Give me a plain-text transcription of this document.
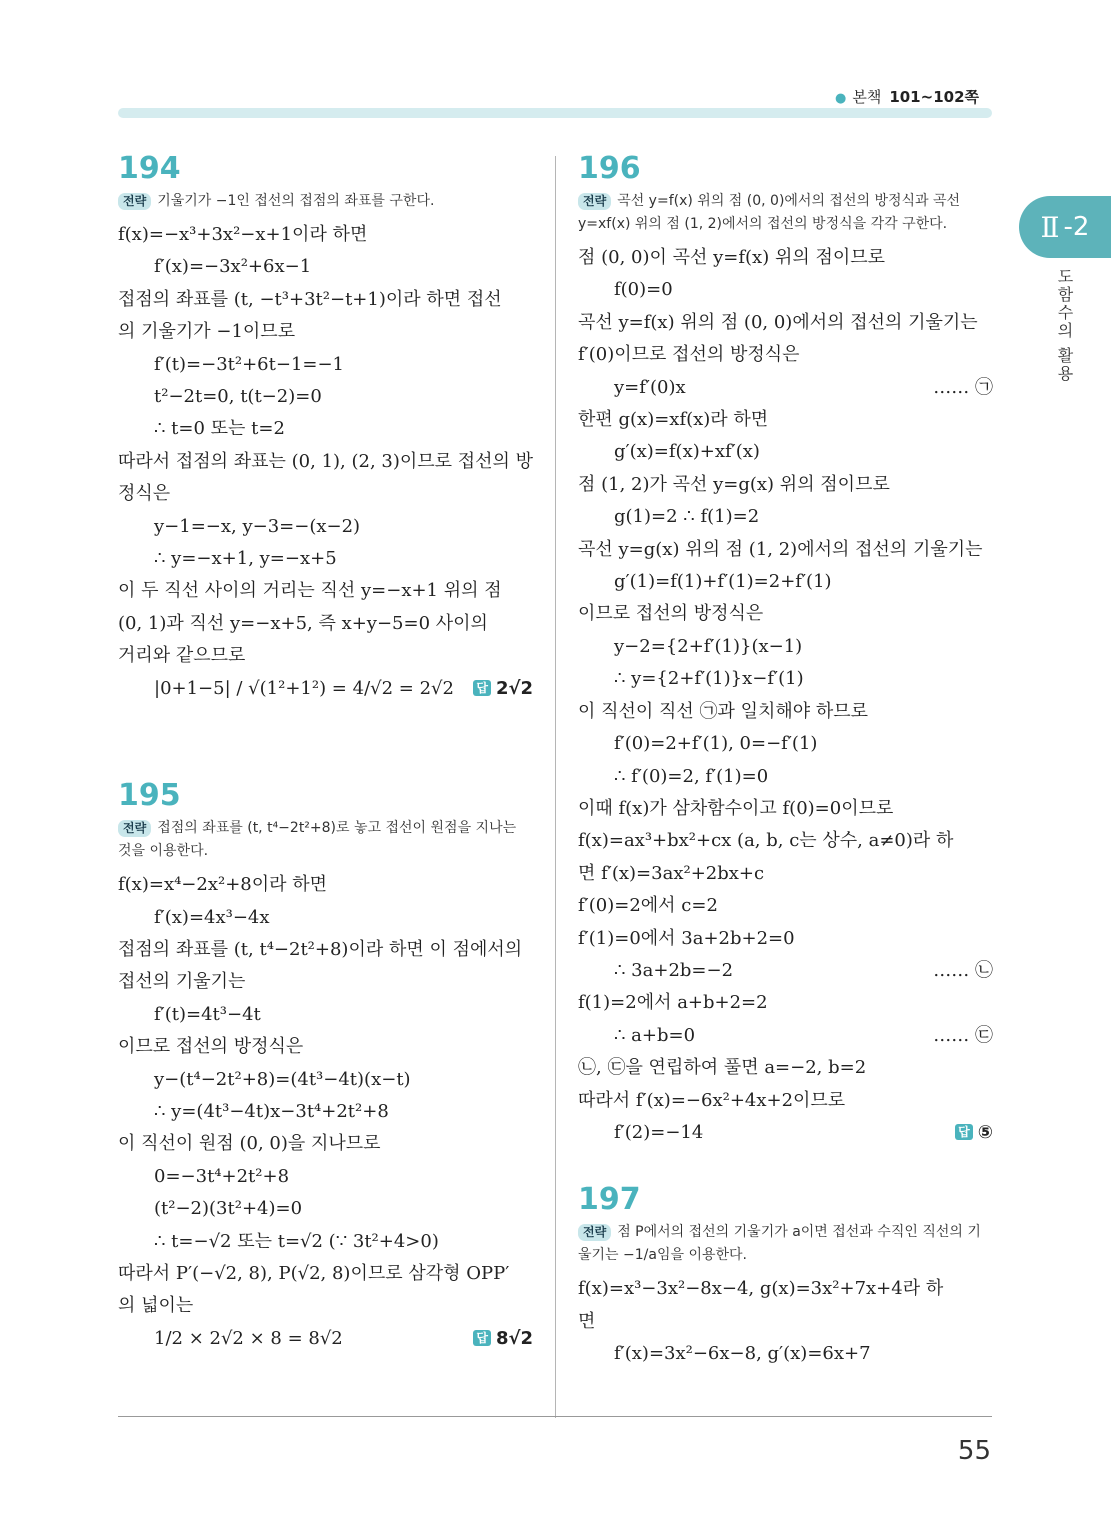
● 본책 101~102쪽
Ⅱ -2
도함수의 활용
55
194
전략 기울기가 −1인 접선의 접점의 좌표를 구한다.

f(x)=−x³+3x²−x+1이라 하면

f′(x)=−3x²+6x−1

접점의 좌표를 (t, −t³+3t²−t+1)이라 하면 접선

의 기울기가 −1이므로

f′(t)=−3t²+6t−1=−1

t²−2t=0, t(t−2)=0

∴ t=0 또는 t=2

따라서 접점의 좌표는 (0, 1), (2, 3)이므로 접선의 방

정식은

y−1=−x, y−3=−(x−2)

∴ y=−x+1, y=−x+5

이 두 직선 사이의 거리는 직선 y=−x+1 위의 점

(0, 1)과 직선 y=−x+5, 즉 x+y−5=0 사이의

거리와 같으므로

|0+1−5| / √(1²+1²) = 4/√2 = 2√2 답 2√2

195
전략 접점의 좌표를 (t, t⁴−2t²+8)로 놓고 접선이 원점을 지나는 것을 이용한다.

f(x)=x⁴−2x²+8이라 하면

f′(x)=4x³−4x

접점의 좌표를 (t, t⁴−2t²+8)이라 하면 이 점에서의

접선의 기울기는

f′(t)=4t³−4t

이므로 접선의 방정식은

y−(t⁴−2t²+8)=(4t³−4t)(x−t)

∴ y=(4t³−4t)x−3t⁴+2t²+8

이 직선이 원점 (0, 0)을 지나므로

0=−3t⁴+2t²+8

(t²−2)(3t²+4)=0

∴ t=−√2 또는 t=√2 (∵ 3t²+4>0)

따라서 P′(−√2, 8), P(√2, 8)이므로 삼각형 OPP′

의 넓이는

1/2 × 2√2 × 8 = 8√2	답 8√2

196
전략 곡선 y=f(x) 위의 점 (0, 0)에서의 접선의 방정식과 곡선 y=xf(x) 위의 점 (1, 2)에서의 접선의 방정식을 각각 구한다.

점 (0, 0)이 곡선 y=f(x) 위의 점이므로

f(0)=0

곡선 y=f(x) 위의 점 (0, 0)에서의 접선의 기울기는

f′(0)이므로 접선의 방정식은

y=f′(0)x	…… ㉠

한편 g(x)=xf(x)라 하면

g′(x)=f(x)+xf′(x)

점 (1, 2)가 곡선 y=g(x) 위의 점이므로

g(1)=2 ∴ f(1)=2

곡선 y=g(x) 위의 점 (1, 2)에서의 접선의 기울기는

g′(1)=f(1)+f′(1)=2+f′(1)

이므로 접선의 방정식은

y−2={2+f′(1)}(x−1)

∴ y={2+f′(1)}x−f′(1)

이 직선이 직선 ㉠과 일치해야 하므로

f′(0)=2+f′(1), 0=−f′(1)

∴ f′(0)=2, f′(1)=0

이때 f(x)가 삼차함수이고 f(0)=0이므로

f(x)=ax³+bx²+cx (a, b, c는 상수, a≠0)라 하

면 f′(x)=3ax²+2bx+c

f′(0)=2에서 c=2

f′(1)=0에서 3a+2b+2=0

∴ 3a+2b=−2	…… ㉡

f(1)=2에서 a+b+2=2

∴ a+b=0	…… ㉢

㉡, ㉢을 연립하여 풀면 a=−2, b=2

따라서 f′(x)=−6x²+4x+2이므로

f′(2)=−14	답 ⑤

197
전략 점 P에서의 접선의 기울기가 a이면 접선과 수직인 직선의 기울기는 −1/a임을 이용한다.

f(x)=x³−3x²−8x−4, g(x)=3x²+7x+4라 하

면

f′(x)=3x²−6x−8, g′(x)=6x+7
